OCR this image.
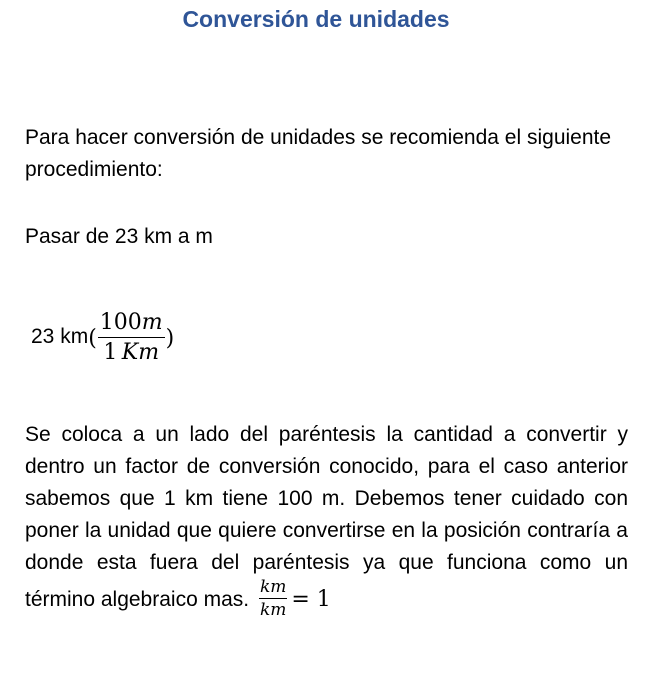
Conversión de unidades
Para hacer conversión de unidades se recomienda el siguiente procedimiento:
Pasar de 23 km a m
23 km ( $\frac{100m}{1 Km}$ )
Se coloca a un lado del paréntesis la cantidad a convertir y dentro un factor de conversión conocido, para el caso anterior sabemos que 1 km tiene 100 m. Debemos tener cuidado con poner la unidad que quiere convertirse en la posición contraría a donde esta fuera del paréntesis ya que funciona como un término algebraico mas. $\frac{km}{km} = 1$
